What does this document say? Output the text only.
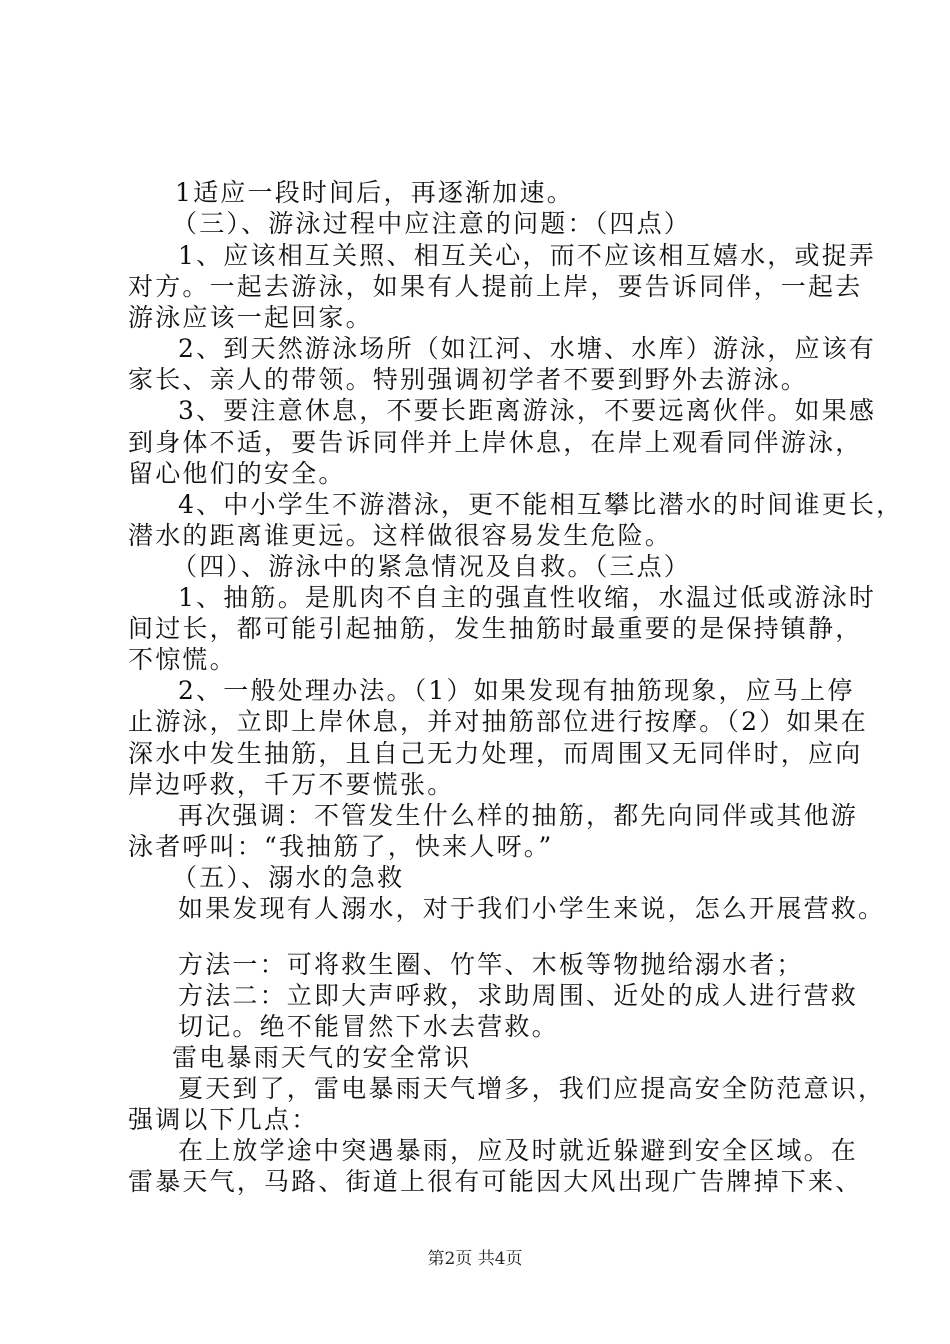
1适应一段时间后，再逐渐加速。
（三）、游泳过程中应注意的问题：（四点）
1、应该相互关照、相互关心，而不应该相互嬉水，或捉弄
对方。一起去游泳，如果有人提前上岸，要告诉同伴，一起去
游泳应该一起回家。
2、到天然游泳场所（如江河、水塘、水库）游泳，应该有
家长、亲人的带领。特别强调初学者不要到野外去游泳。
3、要注意休息，不要长距离游泳，不要远离伙伴。如果感
到身体不适，要告诉同伴并上岸休息，在岸上观看同伴游泳，
留心他们的安全。
4、中小学生不游潜泳，更不能相互攀比潜水的时间谁更长，
潜水的距离谁更远。这样做很容易发生危险。
（四）、游泳中的紧急情况及自救。（三点）
1、抽筋。是肌肉不自主的强直性收缩，水温过低或游泳时
间过长，都可能引起抽筋，发生抽筋时最重要的是保持镇静，
不惊慌。
2、一般处理办法。（1）如果发现有抽筋现象，应马上停
止游泳，立即上岸休息，并对抽筋部位进行按摩。（2）如果在
深水中发生抽筋，且自己无力处理，而周围又无同伴时，应向
岸边呼救，千万不要慌张。
再次强调：不管发生什么样的抽筋，都先向同伴或其他游
泳者呼叫：“我抽筋了，快来人呀。”
（五）、溺水的急救
如果发现有人溺水，对于我们小学生来说，怎么开展营救。
方法一：可将救生圈、竹竿、木板等物抛给溺水者；
方法二：立即大声呼救，求助周围、近处的成人进行营救
切记。绝不能冒然下水去营救。
雷电暴雨天气的安全常识
夏天到了，雷电暴雨天气增多，我们应提高安全防范意识，
强调以下几点：
在上放学途中突遇暴雨，应及时就近躲避到安全区域。在
雷暴天气，马路、街道上很有可能因大风出现广告牌掉下来、
第2页 共4页
